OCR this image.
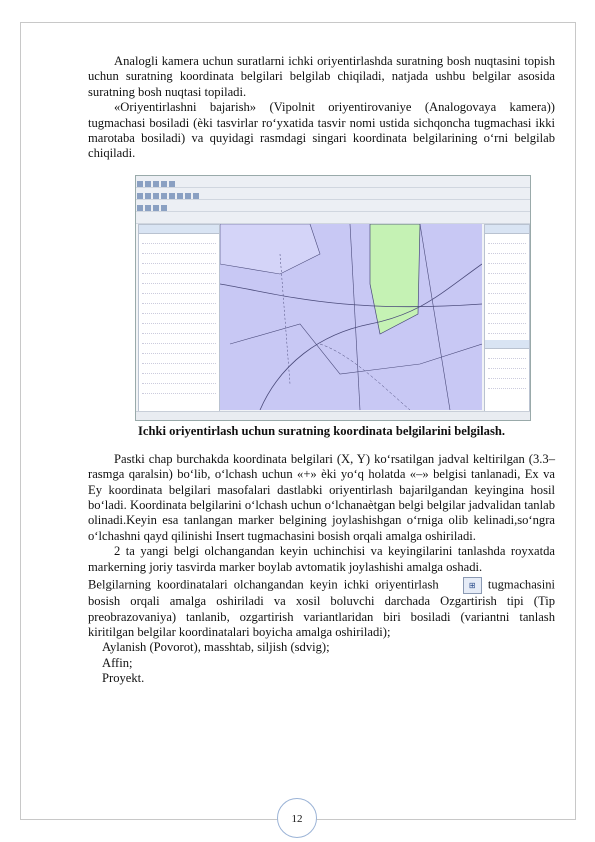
Analogli kamera uchun suratlarni ichki oriyentirlashda suratning bosh nuqtasini topish uchun suratning koordinata belgilari belgilab chiqiladi, natjada ushbu belgilar asosida suratning bosh nuqtasi topiladi.

«Oriyentirlashni bajarish» (Vipolnit oriyentirovaniye (Analogovaya kamera)) tugmachasi bosiladi (èki tasvirlar ro‘yxatida tasvir nomi ustida sichqoncha tugmachasi ikki marotaba bosiladi) va quyidagi rasmdagi singari koordinata belgilarining o‘rni belgilab chiqiladi.

Ichki oriyentirlash uchun suratning koordinata belgilarini belgilash.

Pastki chap burchakda koordinata belgilari (X, Y) ko‘rsatilgan jadval keltirilgan (3.3– rasmga qaralsin) bo‘lib, o‘lchash uchun «+» èki yo‘q holatda «–» belgisi tanlanadi, Ex va Ey koordinata belgilari masofalari dastlabki oriyentirlash bajarilgandan keyingina hosil bo‘ladi. Koordinata belgilarini o‘lchash uchun o‘lchanaètgan belgi belgilar jadvalidan tanlab olinadi.Keyin esa tanlangan marker belgining joylashishgan o‘rniga olib kelinadi,so‘ngra o‘lchashni qayd qilinishi Insert tugmachasini bosish orqali amalga oshiriladi.

2 ta yangi belgi olchangandan keyin uchinchisi va keyingilarini tanlashda royxatda markerning joriy tasvirda marker boylab avtomatik joylashishi amalga oshadi.

Belgilarning koordinatalari olchangandan keyin ichki oriyentirlash	⊞ tugmachasini bosish orqali amalga oshiriladi va xosil boluvchi darchada Ozgartirish tipi (Tip preobrazovaniya) tanlanib, ozgartirish variantlaridan biri bosiladi (variantni tanlash kiritilgan belgilar koordinatalari boyicha amalga oshiriladi);

Aylanish (Povorot), masshtab, siljish (sdvig);

Affin;

Proyekt.

12
